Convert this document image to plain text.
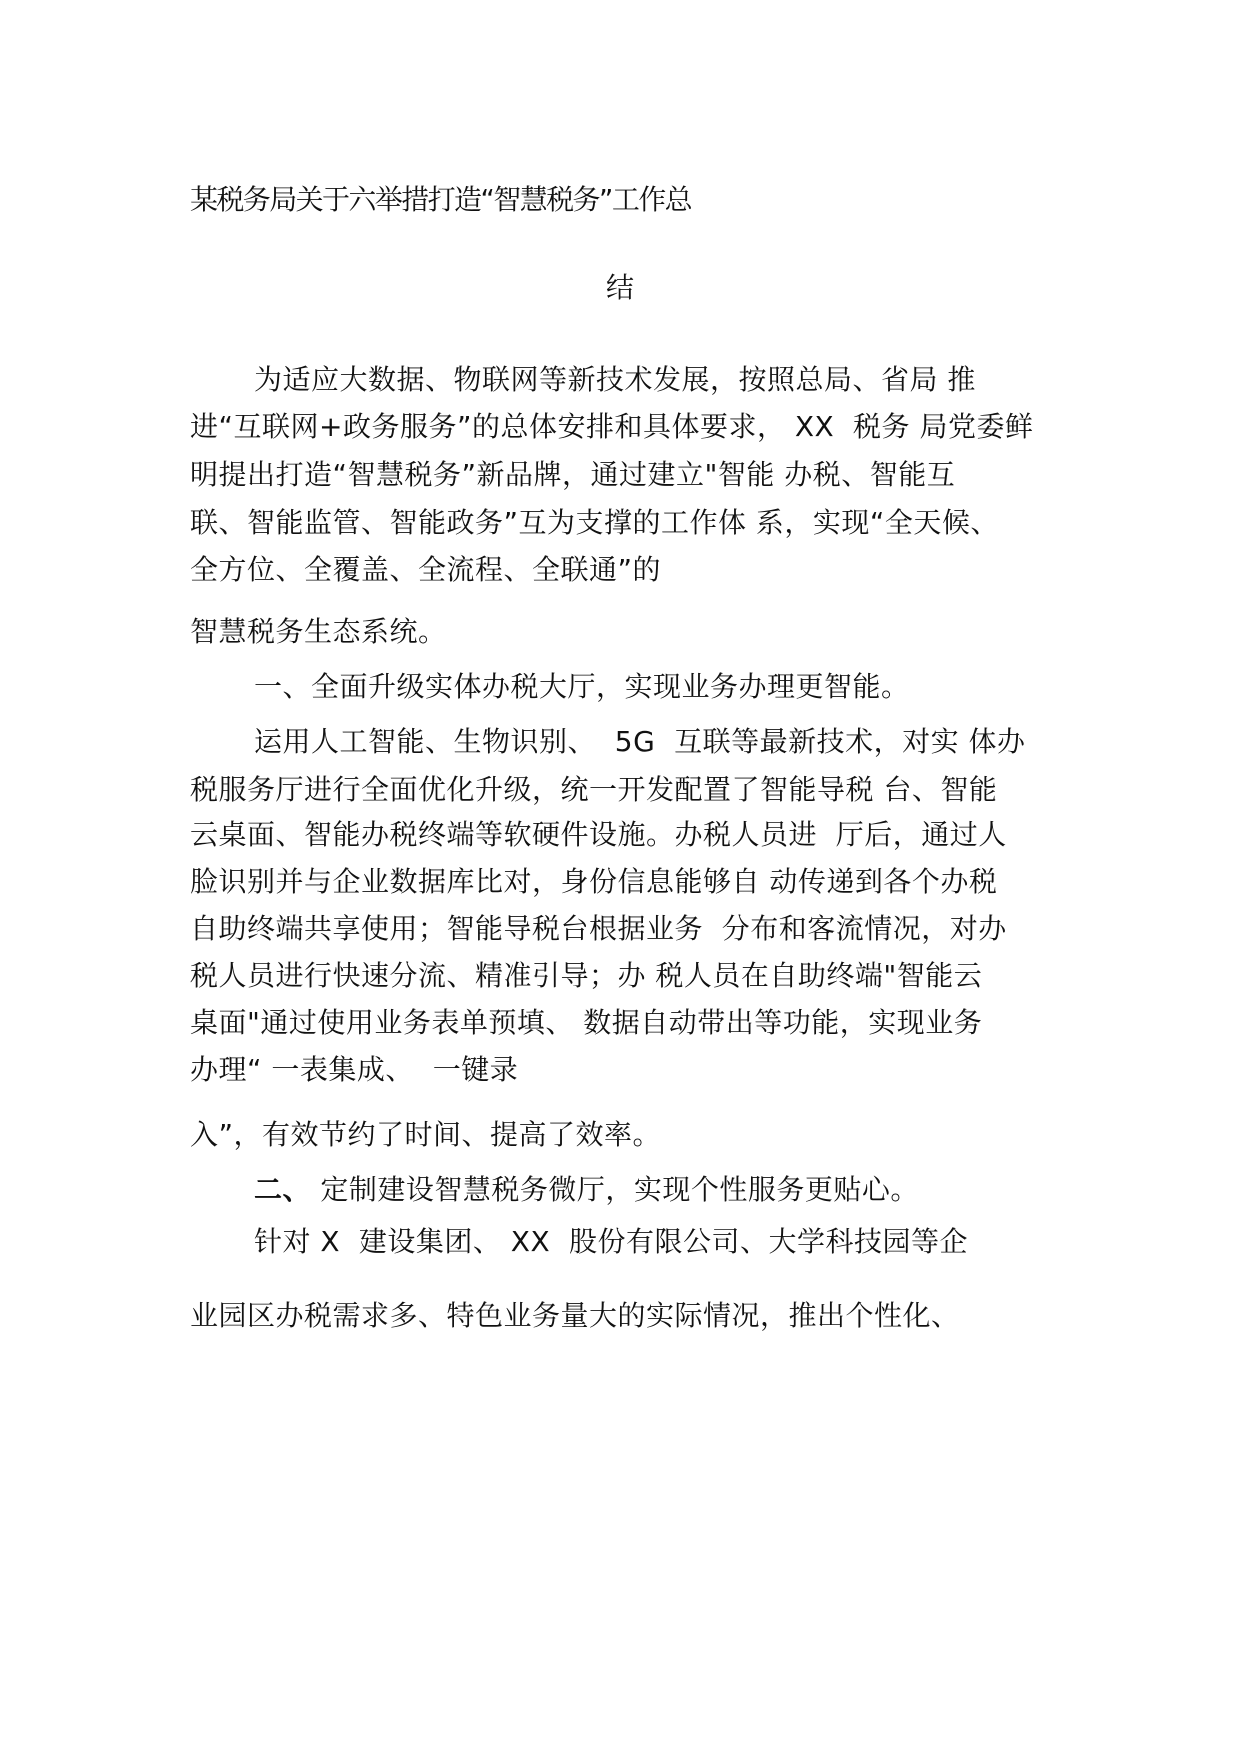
某税务局关于六举措打造“智慧税务”工作总
结
为适应大数据、物联网等新技术发展，按照总局、省局 推
进“互联网+政务服务”的总体安排和具体要求， XX  税务 局党委鲜
明提出打造“智慧税务”新品牌，通过建立"智能 办税、智能互
联、智能监管、智能政务”互为支撑的工作体 系，实现“全天候、
全方位、全覆盖、全流程、全联通”的
智慧税务生态系统。
一、全面升级实体办税大厅，实现业务办理更智能。
运用人工智能、生物识别、  5G  互联等最新技术，对实 体办
税服务厅进行全面优化升级，统一开发配置了智能导税 台、智能
云桌面、智能办税终端等软硬件设施。办税人员进  厅后，通过人
脸识别并与企业数据库比对，身份信息能够自 动传递到各个办税
自助终端共享使用；智能导税台根据业务  分布和客流情况，对办
税人员进行快速分流、精准引导；办 税人员在自助终端"智能云
桌面"通过使用业务表单预填、 数据自动带出等功能，实现业务
办理“ 一表集成、  一键录
入”，有效节约了时间、提高了效率。
二、 定制建设智慧税务微厅，实现个性服务更贴心。
针对 X  建设集团、 XX  股份有限公司、大学科技园等企
业园区办税需求多、特色业务量大的实际情况，推出个性化、
